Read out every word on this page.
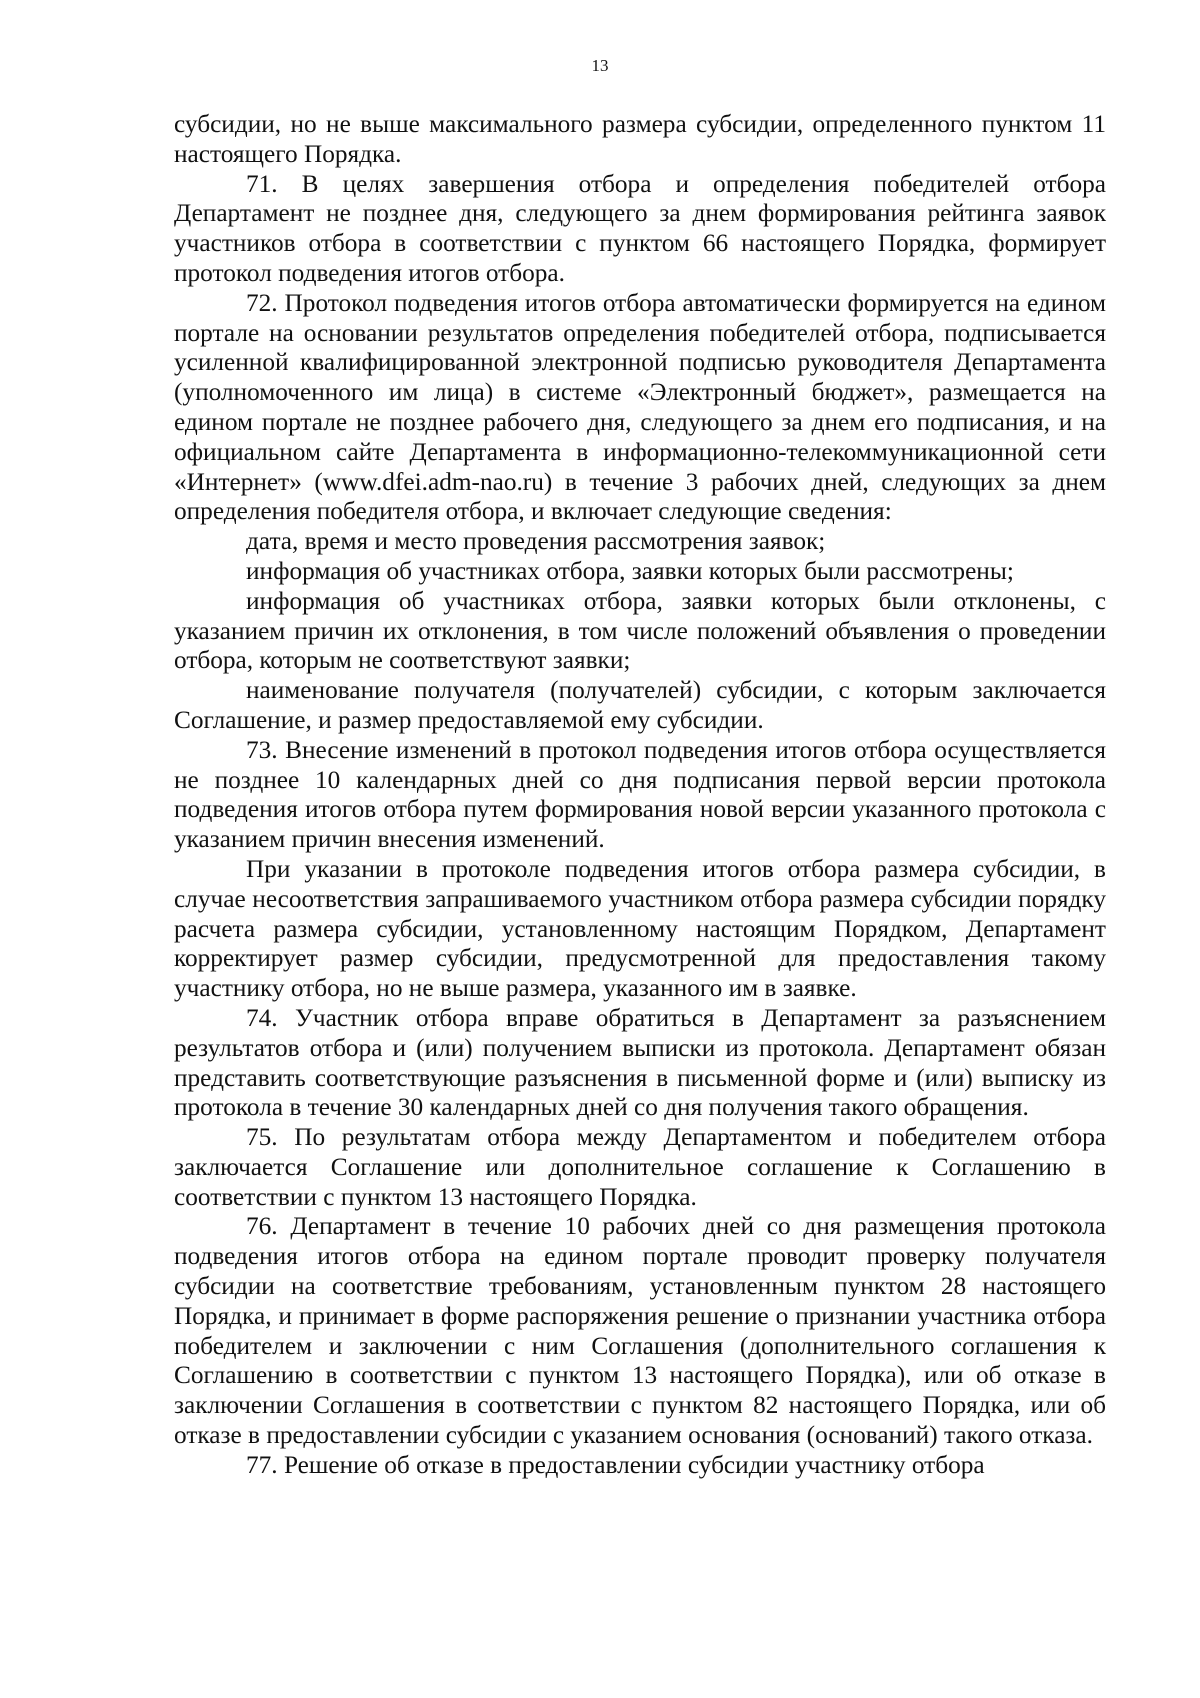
13

субсидии, но не выше максимального размера субсидии, определенного пунктом 11 настоящего Порядка.

71. В целях завершения отбора и определения победителей отбора Департамент не позднее дня, следующего за днем формирования рейтинга заявок участников отбора в соответствии с пунктом 66 настоящего Порядка, формирует протокол подведения итогов отбора.

72. Протокол подведения итогов отбора автоматически формируется на едином портале на основании результатов определения победителей отбора, подписывается усиленной квалифицированной электронной подписью руководителя Департамента (уполномоченного им лица) в системе «Электронный бюджет», размещается на едином портале не позднее рабочего дня, следующего за днем его подписания, и на официальном сайте Департамента в информационно-телекоммуникационной сети «Интернет» (www.dfei.adm-nao.ru) в течение 3 рабочих дней, следующих за днем определения победителя отбора, и включает следующие сведения:

дата, время и место проведения рассмотрения заявок;

информация об участниках отбора, заявки которых были рассмотрены;

информация об участниках отбора, заявки которых были отклонены, с указанием причин их отклонения, в том числе положений объявления о проведении отбора, которым не соответствуют заявки;

наименование получателя (получателей) субсидии, с которым заключается Соглашение, и размер предоставляемой ему субсидии.

73. Внесение изменений в протокол подведения итогов отбора осуществляется не позднее 10 календарных дней со дня подписания первой версии протокола подведения итогов отбора путем формирования новой версии указанного протокола с указанием причин внесения изменений.

При указании в протоколе подведения итогов отбора размера субсидии, в случае несоответствия запрашиваемого участником отбора размера субсидии порядку расчета размера субсидии, установленному настоящим Порядком, Департамент корректирует размер субсидии, предусмотренной для предоставления такому участнику отбора, но не выше размера, указанного им в заявке.

74. Участник отбора вправе обратиться в Департамент за разъяснением результатов отбора и (или) получением выписки из протокола. Департамент обязан представить соответствующие разъяснения в письменной форме и (или) выписку из протокола в течение 30 календарных дней со дня получения такого обращения.

75. По результатам отбора между Департаментом и победителем отбора заключается Соглашение или дополнительное соглашение к Соглашению в соответствии с пунктом 13 настоящего Порядка.

76. Департамент в течение 10 рабочих дней со дня размещения протокола подведения итогов отбора на едином портале проводит проверку получателя субсидии на соответствие требованиям, установленным пунктом 28 настоящего Порядка, и принимает в форме распоряжения решение о признании участника отбора победителем и заключении с ним Соглашения (дополнительного соглашения к Соглашению в соответствии с пунктом 13 настоящего Порядка), или об отказе в заключении Соглашения в соответствии с пунктом 82 настоящего Порядка, или об отказе в предоставлении субсидии с указанием основания (оснований) такого отказа.

77. Решение об отказе в предоставлении субсидии участнику отбора
